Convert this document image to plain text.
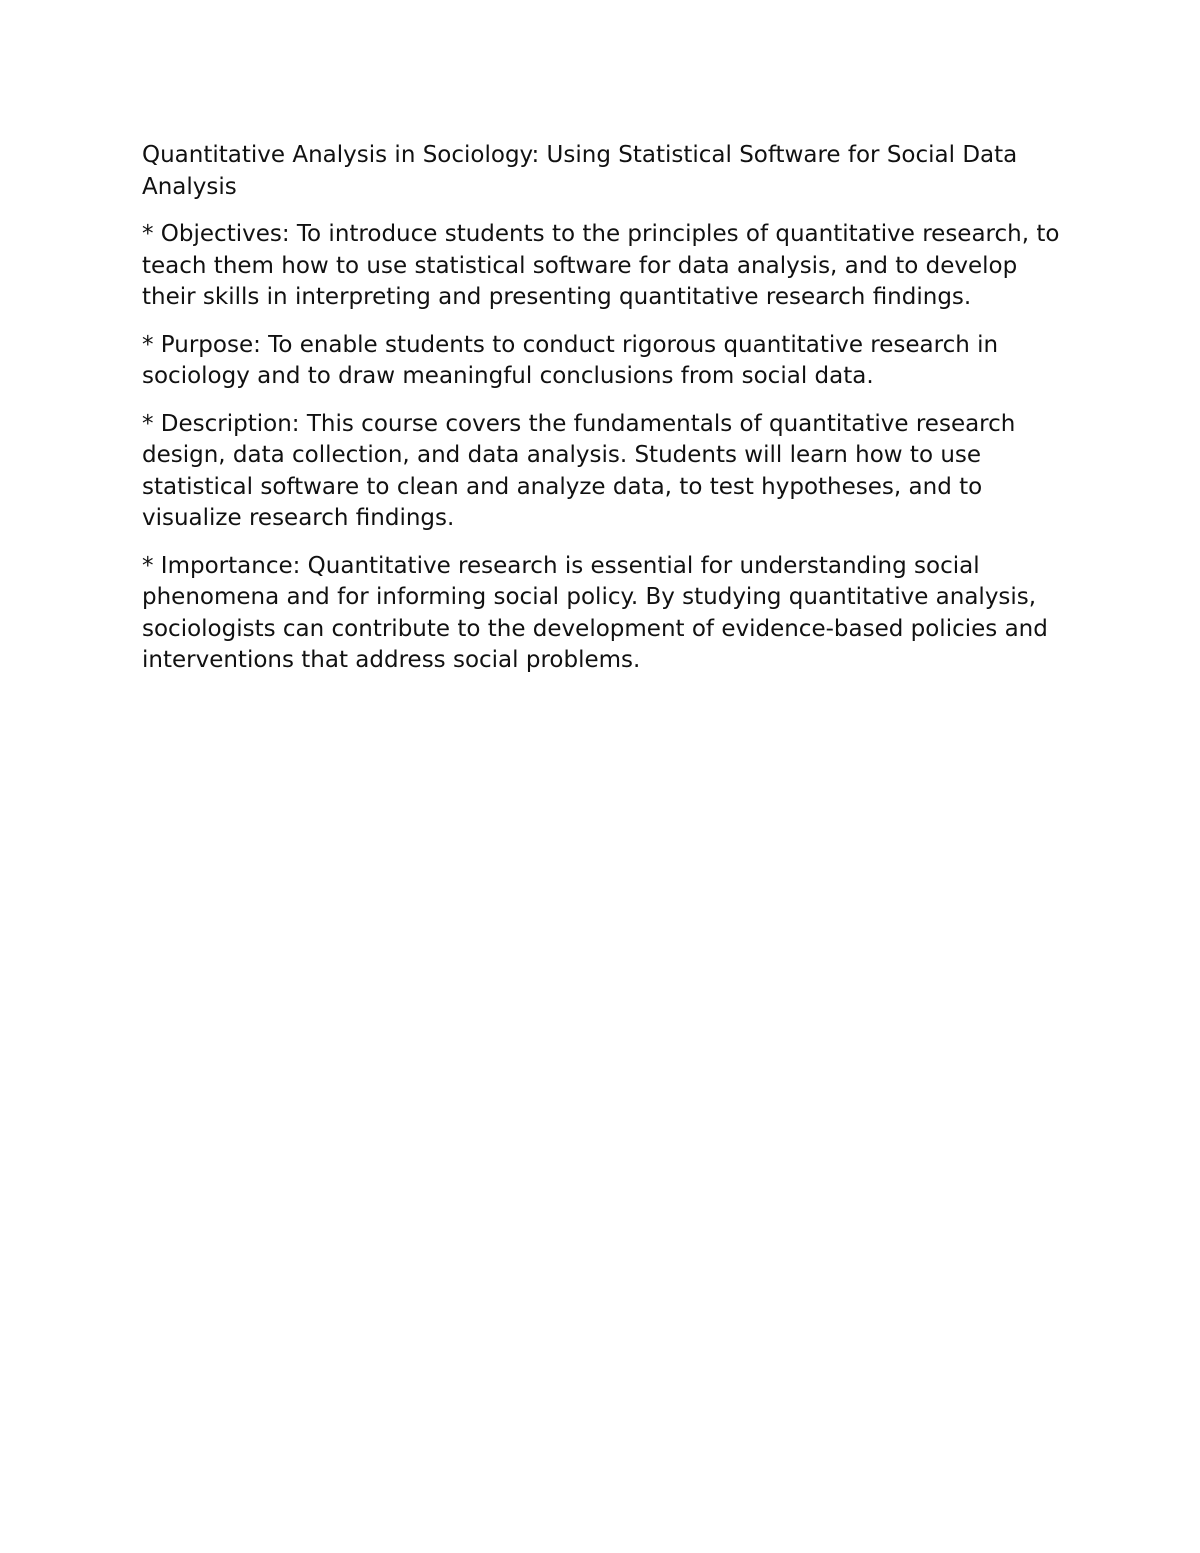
Quantitative Analysis in Sociology: Using Statistical Software for Social Data Analysis

* Objectives: To introduce students to the principles of quantitative research, to teach them how to use statistical software for data analysis, and to develop their skills in interpreting and presenting quantitative research findings.

* Purpose: To enable students to conduct rigorous quantitative research in sociology and to draw meaningful conclusions from social data.

* Description: This course covers the fundamentals of quantitative research design, data collection, and data analysis. Students will learn how to use statistical software to clean and analyze data, to test hypotheses, and to visualize research findings.

* Importance: Quantitative research is essential for understanding social phenomena and for informing social policy. By studying quantitative analysis, sociologists can contribute to the development of evidence-based policies and interventions that address social problems.
